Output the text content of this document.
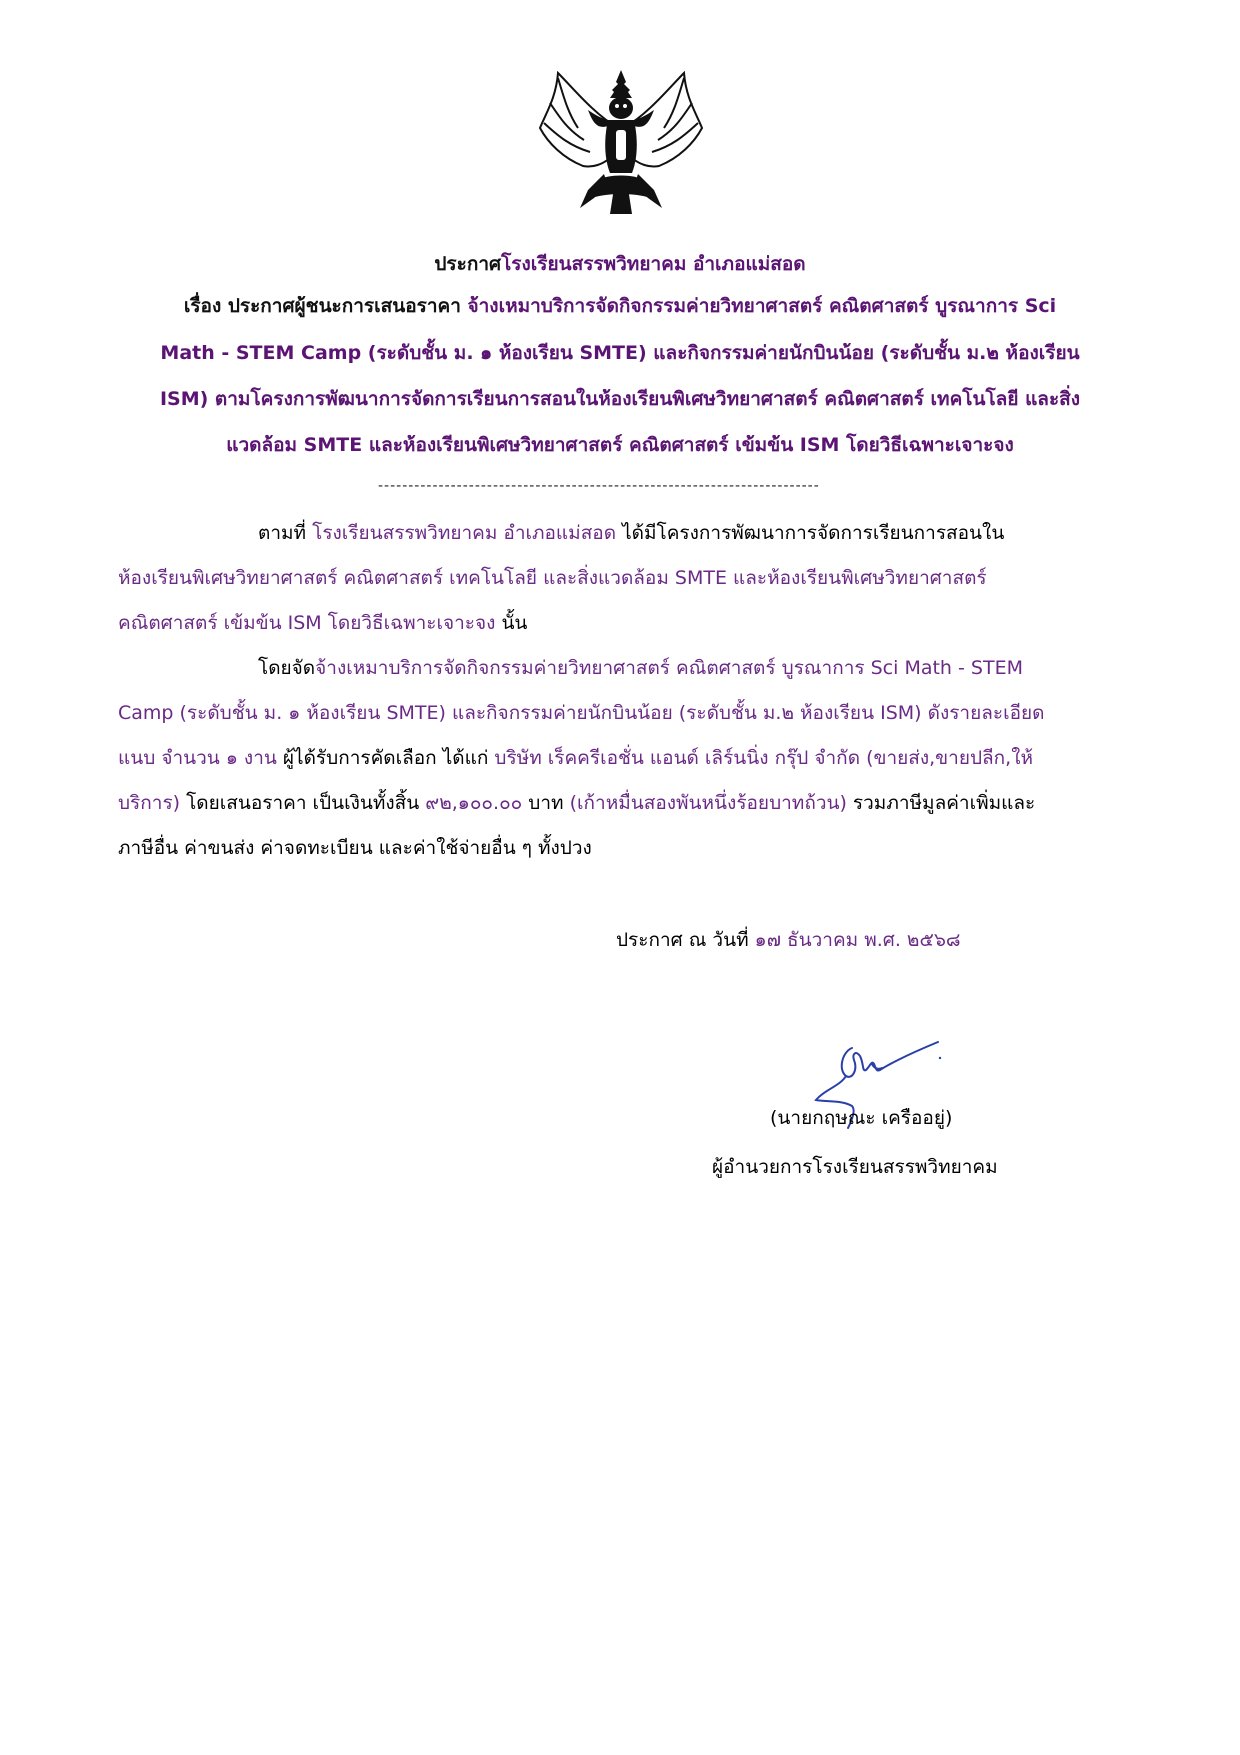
ประกาศโรงเรียนสรรพวิทยาคม อำเภอแม่สอด
เรื่อง ประกาศผู้ชนะการเสนอราคา จ้างเหมาบริการจัดกิจกรรมค่ายวิทยาศาสตร์ คณิตศาสตร์ บูรณาการ Sci
Math - STEM Camp (ระดับชั้น ม. ๑ ห้องเรียน SMTE) และกิจกรรมค่ายนักบินน้อย (ระดับชั้น ม.๒ ห้องเรียน
ISM) ตามโครงการพัฒนาการจัดการเรียนการสอนในห้องเรียนพิเศษวิทยาศาสตร์ คณิตศาสตร์ เทคโนโลยี และสิ่ง
แวดล้อม SMTE และห้องเรียนพิเศษวิทยาศาสตร์ คณิตศาสตร์ เข้มข้น ISM โดยวิธีเฉพาะเจาะจง
-------------------------------------------------------------------------
ตามที่ โรงเรียนสรรพวิทยาคม อำเภอแม่สอด ได้มีโครงการพัฒนาการจัดการเรียนการสอนใน
ห้องเรียนพิเศษวิทยาศาสตร์ คณิตศาสตร์ เทคโนโลยี และสิ่งแวดล้อม SMTE และห้องเรียนพิเศษวิทยาศาสตร์
คณิตศาสตร์ เข้มข้น ISM โดยวิธีเฉพาะเจาะจง นั้น
โดยจัดจ้างเหมาบริการจัดกิจกรรมค่ายวิทยาศาสตร์ คณิตศาสตร์ บูรณาการ Sci Math - STEM
Camp (ระดับชั้น ม. ๑ ห้องเรียน SMTE) และกิจกรรมค่ายนักบินน้อย (ระดับชั้น ม.๒ ห้องเรียน ISM) ดังรายละเอียด
แนบ จำนวน ๑ งาน ผู้ได้รับการคัดเลือก ได้แก่ บริษัท เร็คครีเอชั่น แอนด์ เลิร์นนิ่ง กรุ๊ป จำกัด (ขายส่ง,ขายปลีก,ให้
บริการ) โดยเสนอราคา เป็นเงินทั้งสิ้น ๙๒,๑๐๐.๐๐ บาท (เก้าหมื่นสองพันหนึ่งร้อยบาทถ้วน) รวมภาษีมูลค่าเพิ่มและ
ภาษีอื่น ค่าขนส่ง ค่าจดทะเบียน และค่าใช้จ่ายอื่น ๆ ทั้งปวง
ประกาศ ณ วันที่ ๑๗ ธันวาคม พ.ศ. ๒๕๖๘
(นายกฤษณะ เครืออยู่)
ผู้อำนวยการโรงเรียนสรรพวิทยาคม
